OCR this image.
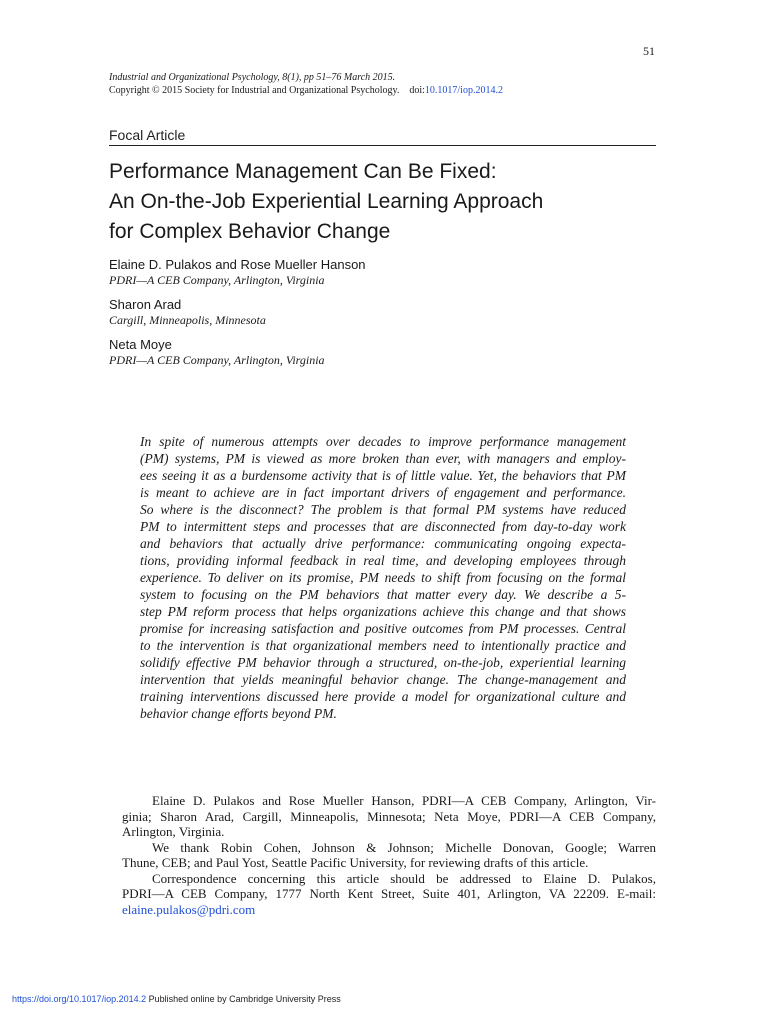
51
Industrial and Organizational Psychology, 8(1), pp 51–76 March 2015.
Copyright © 2015 Society for Industrial and Organizational Psychology. doi:10.1017/iop.2014.2
Focal Article
Performance Management Can Be Fixed:
An On-the-Job Experiential Learning Approach
for Complex Behavior Change
Elaine D. Pulakos and Rose Mueller Hanson
PDRI—A CEB Company, Arlington, Virginia
Sharon Arad
Cargill, Minneapolis, Minnesota
Neta Moye
PDRI—A CEB Company, Arlington, Virginia
In spite of numerous attempts over decades to improve performance management
(PM) systems, PM is viewed as more broken than ever, with managers and employ-
ees seeing it as a burdensome activity that is of little value. Yet, the behaviors that PM
is meant to achieve are in fact important drivers of engagement and performance.
So where is the disconnect? The problem is that formal PM systems have reduced
PM to intermittent steps and processes that are disconnected from day-to-day work
and behaviors that actually drive performance: communicating ongoing expecta-
tions, providing informal feedback in real time, and developing employees through
experience. To deliver on its promise, PM needs to shift from focusing on the formal
system to focusing on the PM behaviors that matter every day. We describe a 5-
step PM reform process that helps organizations achieve this change and that shows
promise for increasing satisfaction and positive outcomes from PM processes. Central
to the intervention is that organizational members need to intentionally practice and
solidify effective PM behavior through a structured, on-the-job, experiential learning
intervention that yields meaningful behavior change. The change-management and
training interventions discussed here provide a model for organizational culture and
behavior change efforts beyond PM.
Elaine D. Pulakos and Rose Mueller Hanson, PDRI—A CEB Company, Arlington, Vir-
ginia; Sharon Arad, Cargill, Minneapolis, Minnesota; Neta Moye, PDRI—A CEB Company,
Arlington, Virginia.
We thank Robin Cohen, Johnson & Johnson; Michelle Donovan, Google; Warren
Thune, CEB; and Paul Yost, Seattle Pacific University, for reviewing drafts of this article.
Correspondence concerning this article should be addressed to Elaine D. Pulakos,
PDRI—A CEB Company, 1777 North Kent Street, Suite 401, Arlington, VA 22209. E-mail:
elaine.pulakos@pdri.com
https://doi.org/10.1017/iop.2014.2 Published online by Cambridge University Press
